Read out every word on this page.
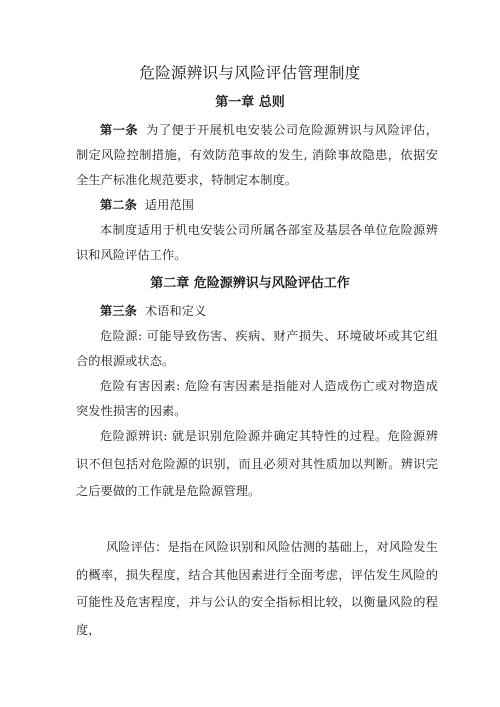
危险源辨识与风险评估管理制度
第一章 总则

第一条 为了便于开展机电安装公司危险源辨识与风险评估，制定风险控制措施，有效防范事故的发生, 消除事故隐患，依据安全生产标准化规范要求，特制定本制度。

第二条 适用范围

本制度适用于机电安装公司所属各部室及基层各单位危险源辨识和风险评估工作。

第二章 危险源辨识与风险评估工作

第三条 术语和定义

危险源: 可能导致伤害、疾病、财产损失、环境破坏或其它组合的根源或状态。

危险有害因素: 危险有害因素是指能对人造成伤亡或对物造成突发性损害的因素。

危险源辨识: 就是识别危险源并确定其特性的过程。危险源辨识不但包括对危险源的识别，而且必须对其性质加以判断。辨识完之后要做的工作就是危险源管理。

风险评估：是指在风险识别和风险估测的基础上，对风险发生的概率，损失程度，结合其他因素进行全面考虑，评估发生风险的可能性及危害程度，并与公认的安全指标相比较，以衡量风险的程度，
